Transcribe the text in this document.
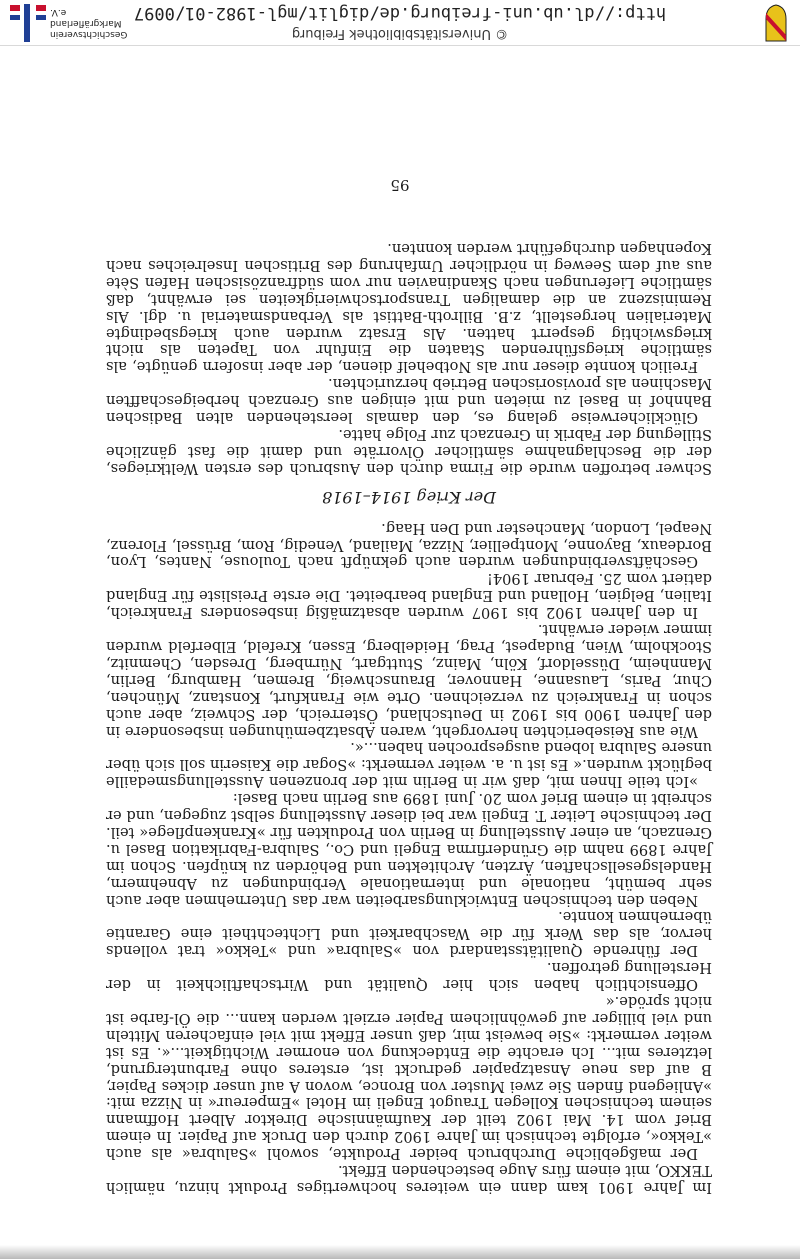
Im Jahre 1901 kam dann ein weiteres hochwertiges Produkt hinzu, nämlich TEKKO, mit einem fürs Auge bestechenden Effekt.

Der maßgebliche Durchbruch beider Produkte, sowohl »Salubra« als auch »Tekko«, erfolgte technisch im Jahre 1902 durch den Druck auf Papier. In einem Brief vom 14. Mai 1902 teilt der Kaufmännische Direktor Albert Hoffmann seinem technischen Kollegen Traugot Engeli im Hotel »Empereur« in Nizza mit: »Anliegend finden Sie zwei Muster von Bronce, wovon A auf unser dickes Papier, B auf das neue Ansatzpapier gedruckt ist, ersteres ohne Farbuntergrund, letzteres mit... Ich erachte die Entdeckung von enormer Wichtigkeit...«. Es ist weiter vermerkt: »Sie beweist mir, daß unser Effekt mit viel einfacheren Mitteln und viel billiger auf gewöhnlichem Papier erzielt werden kann... die Öl-farbe ist nicht spröde.«

Offensichtlich haben sich hier Qualität und Wirtschaftlichkeit in der Herstellung getroffen.

Der führende Qualitätsstandard von »Salubra« und »Tekko« trat vollends hervor, als das Werk für die Waschbarkeit und Lichtechtheit eine Garantie übernehmen konnte.

Neben den technischen Entwicklungsarbeiten war das Unternehmen aber auch sehr bemüht, nationale und internationale Verbindungen zu Abnehmern, Handelsgesellschaften, Ärzten, Architekten und Behörden zu knüpfen. Schon im Jahre 1899 nahm die Gründerfirma Engeli und Co., Salubra-Fabrikation Basel u. Grenzach, an einer Ausstellung in Berlin von Produkten für »Krankenpflege« teil. Der technische Leiter T. Engeli war bei dieser Ausstellung selbst zugegen, und er schreibt in einem Brief vom 20. Juni 1899 aus Berlin nach Basel:

»Ich teile Ihnen mit, daß wir in Berlin mit der bronzenen Ausstellungsmedaille beglückt wurden.« Es ist u. a. weiter vermerkt: »Sogar die Kaiserin soll sich über unsere Salubra lobend ausgesprochen haben...«.

Wie aus Reiseberichten hervorgeht, waren Absatzbemühungen insbesondere in den Jahren 1900 bis 1902 in Deutschland, Österreich, der Schweiz, aber auch schon in Frankreich zu verzeichnen. Orte wie Frankfurt, Konstanz, München, Chur, Paris, Lausanne, Hannover, Braunschweig, Bremen, Hamburg, Berlin, Mannheim, Düsseldorf, Köln, Mainz, Stuttgart, Nürnberg, Dresden, Chemnitz, Stockholm, Wien, Budapest, Prag, Heidelberg, Essen, Krefeld, Elberfeld wurden immer wieder erwähnt.

In den Jahren 1902 bis 1907 wurden absatzmäßig insbesonders Frankreich, Italien, Belgien, Holland und England bearbeitet. Die erste Preisliste für England datiert vom 25. Februar 1904!

Geschäftsverbindungen wurden auch geknüpft nach Toulouse, Nantes, Lyon, Bordeaux, Bayonne, Montpellier, Nizza, Mailand, Venedig, Rom, Brüssel, Florenz, Neapel, London, Manchester und Den Haag.

Der Krieg 1914–1918

Schwer betroffen wurde die Firma durch den Ausbruch des ersten Weltkrieges, der die Beschlagnahme sämtlicher Ölvorräte und damit die fast gänzliche Stillegung der Fabrik in Grenzach zur Folge hatte.

Glücklicherweise gelang es, den damals leerstehenden alten Badischen Bahnhof in Basel zu mieten und mit einigen aus Grenzach herbeigeschafften Maschinen als provisorischen Betrieb herzurichten.

Freilich konnte dieser nur als Notbehelf dienen, der aber insofern genügte, als sämtliche kriegsführenden Staaten die Einfuhr von Tapeten als nicht kriegswichtig gesperrt hatten. Als Ersatz wurden auch kriegsbedingte Materialien hergestellt, z.B. Billroth-Battist als Verbandsmaterial u. dgl. Als Reminiszenz an die damaligen Transportschwierigkeiten sei erwähnt, daß sämtliche Lieferungen nach Skandinavien nur vom südfranzösischen Hafen Sète aus auf dem Seeweg in nördlicher Umfahrung des Britischen Inselreiches nach Kopenhagen durchgeführt werden konnten.

95
© Universitätsbibliothek Freiburg
http://dl.ub.uni-freiburg.de/diglit/mgl-1982-01/0097
Geschichtsverein
Markgräflerland e.V.
